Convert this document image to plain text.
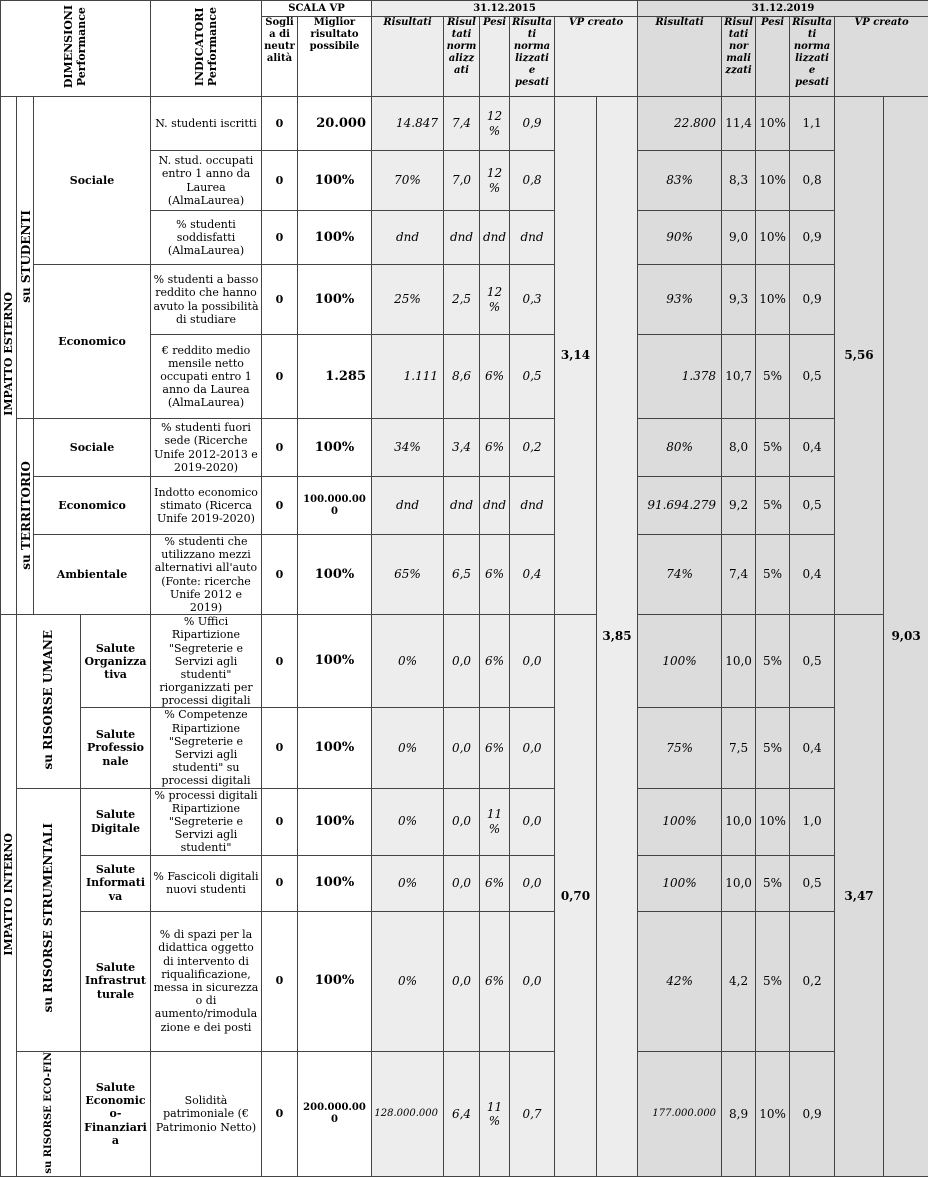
DIMENSIONI
Performance				INDICATORI
Performance	SCALA VP		31.12.2015						31.12.2019					
					Soglia di neutralità	Miglior risultato possibile	Risultati	Risultati normalizzati	Pesi	Risultati normalizzati e pesati	VP creato		Risultati	Risultati normalizzati	Pesi	Risultati normalizzati e pesati	VP creato	
IMPATTO ESTERNO	su STUDENTI	Sociale		N. studenti iscritti	0	20.000	14.847	7,4	12%	0,9	3,14	3,85	22.800	11,4	10%	1,1	5,56	9,03
				N. stud. occupati entro 1 anno da Laurea (AlmaLaurea)	0	100%	70%	7,0	12%	0,8			83%	8,3	10%	0,8		
				% studenti soddisfatti (AlmaLaurea)	0	100%	dnd	dnd	dnd	dnd			90%	9,0	10%	0,9		
		Economico		% studenti a basso reddito che hanno avuto la possibilità di studiare	0	100%	25%	2,5	12%	0,3			93%	9,3	10%	0,9		
				€ reddito medio mensile netto occupati entro 1 anno da Laurea (AlmaLaurea)	0	1.285	1.111	8,6	6%	0,5			1.378	10,7	5%	0,5		
	su TERRITORIO	Sociale		% studenti fuori sede (Ricerche Unife 2012-2013 e 2019-2020)	0	100%	34%	3,4	6%	0,2			80%	8,0	5%	0,4		
		Economico		Indotto economico stimato (Ricerca Unife 2019-2020)	0	100.000.000	dnd	dnd	dnd	dnd			91.694.279	9,2	5%	0,5		
		Ambientale		% studenti che utilizzano mezzi alternativi all'auto (Fonte: ricerche Unife 2012 e 2019)	0	100%	65%	6,5	6%	0,4			74%	7,4	5%	0,4		
IMPATTO INTERNO	su RISORSE UMANE		Salute Organizzativa	% Uffici Ripartizione "Segreterie e Servizi agli studenti" riorganizzati per processi digitali	0	100%	0%	0,0	6%	0,0	0,70		100%	10,0	5%	0,5	3,47	
			Salute Professionale	% Competenze Ripartizione "Segreterie e Servizi agli studenti" su processi digitali	0	100%	0%	0,0	6%	0,0			75%	7,5	5%	0,4		
	su RISORSE STRUMENTALI		Salute Digitale	% processi digitali Ripartizione "Segreterie e Servizi agli studenti"	0	100%	0%	0,0	11%	0,0			100%	10,0	10%	1,0		
			Salute Informativa	% Fascicoli digitali nuovi studenti	0	100%	0%	0,0	6%	0,0			100%	10,0	5%	0,5		
			Salute Infrastrutturale	% di spazi per la didattica oggetto di intervento di riqualificazione, messa in sicurezza o di aumento/rimodulazione e dei posti	0	100%	0%	0,0	6%	0,0			42%	4,2	5%	0,2		
	su RISORSE ECO-FIN		Salute Economico-Finanziaria	Solidità patrimoniale (€ Patrimonio Netto)	0	200.000.000	128.000.000	6,4	11%	0,7			177.000.000	8,9	10%	0,9		
